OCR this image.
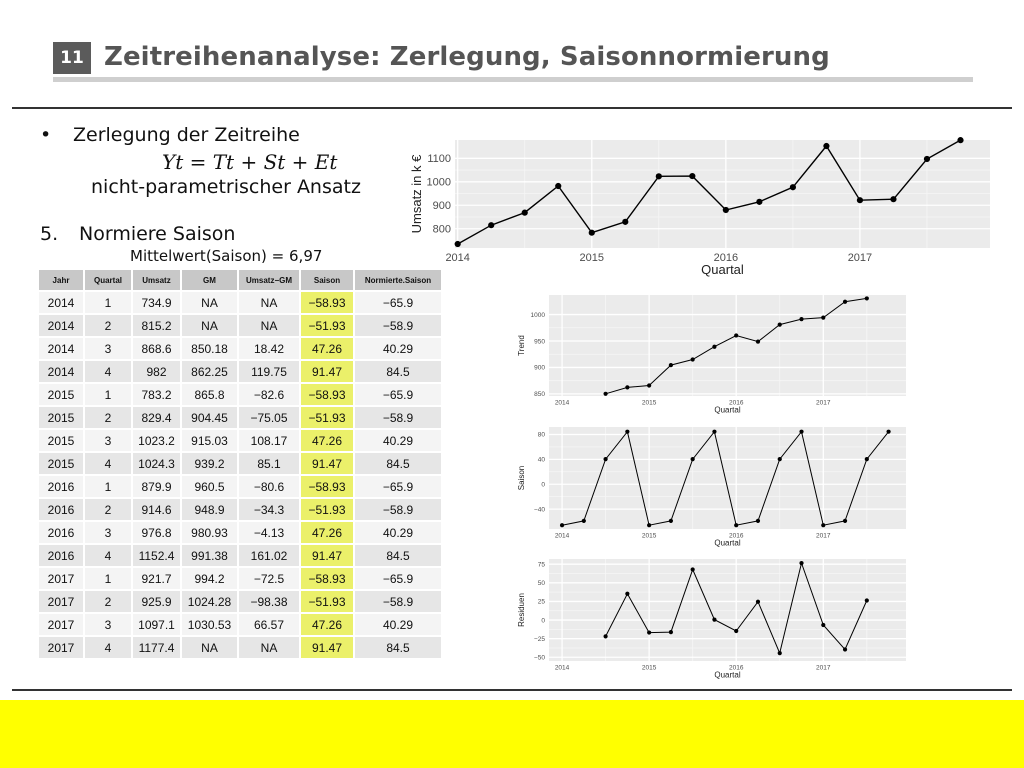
11 Zeitreihenanalyse: Zerlegung, Saisonnormierung
• Zerlegung der Zeitreihe
Yt = Tt + St + Et
nicht-parametrischer Ansatz
5. Normiere Saison
Mittelwert(Saison) = 6,97
Jahr	Quartal	Umsatz	GM	Umsatz−GM	Saison	Normierte.Saison
2014	1	734.9	NA	NA	−58.93	−65.9
2014	2	815.2	NA	NA	−51.93	−58.9
2014	3	868.6	850.18	18.42	47.26	40.29
2014	4	982	862.25	119.75	91.47	84.5
2015	1	783.2	865.8	−82.6	−58.93	−65.9
2015	2	829.4	904.45	−75.05	−51.93	−58.9
2015	3	1023.2	915.03	108.17	47.26	40.29
2015	4	1024.3	939.2	85.1	91.47	84.5
2016	1	879.9	960.5	−80.6	−58.93	−65.9
2016	2	914.6	948.9	−34.3	−51.93	−58.9
2016	3	976.8	980.93	−4.13	47.26	40.29
2016	4	1152.4	991.38	161.02	91.47	84.5
2017	1	921.7	994.2	−72.5	−58.93	−65.9
2017	2	925.9	1024.28	−98.38	−51.93	−58.9
2017	3	1097.1	1030.53	66.57	47.26	40.29
2017	4	1177.4	NA	NA	91.47	84.5
800
900
1000
1100
2014	2015	2016	2017
Quartal
Umsatz in k €
850
900
950
1000
2014	2015	2016	2017
Quartal
Trend
−40
0
40
80
2014	2015	2016	2017
Quartal
Saison
−50
−25
0
25
50
75
2014	2015	2016	2017
Quartal
Residuen
